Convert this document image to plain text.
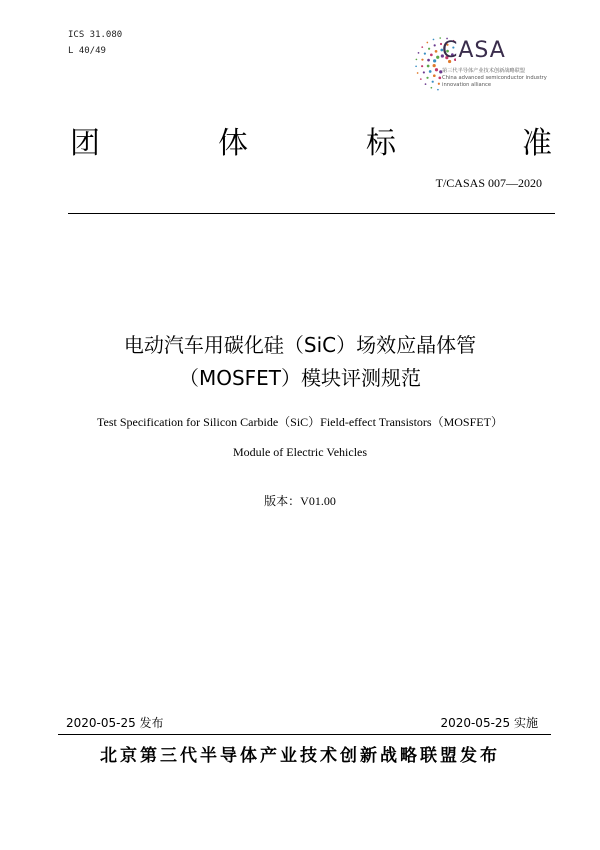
ICS 31.080
L 40/49	CASA
第三代半导体产业技术创新战略联盟
China advanced semiconductor industry
innovation alliance
团	体	标	准
T/CASAS 007—2020
电动汽车用碳化硅（SiC）场效应晶体管
（MOSFET）模块评测规范
Test Specification for Silicon Carbide（SiC）Field-effect Transistors（MOSFET）
Module of Electric Vehicles
版本：V01.00
2020-05-25 发布	2020-05-25 实施
北京第三代半导体产业技术创新战略联盟发布
